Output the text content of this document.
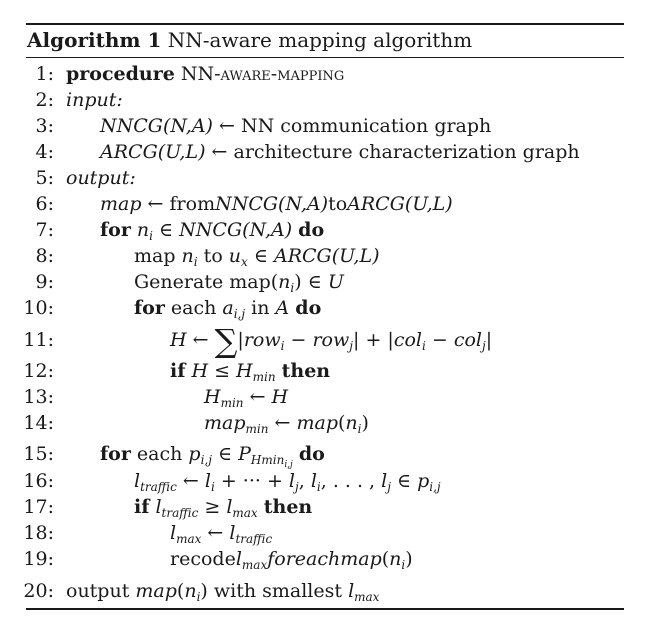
Algorithm 1 NN-aware mapping algorithm
1: procedure NN-aware-mapping
2: input:
3: NNCG(N,A) ← NN communication graph
4: ARCG(U,L) ← architecture characterization graph
5: output:
6: map ← fromNNCG(N,A)toARCG(U,L)
7: for $n_i$ ∈ NNCG(N,A) do
8:	map $n_i$ to $u_x$ ∈ ARCG(U,L)
9:	Generate $map(n_i)$ ∈ U
10:	for each $a_{i,j}$ in A do
11:	H ← ∑|row$_i$ − row$_j$| + |col$_i$ − col$_j$|
12:	if $H \le H_{min}$ then
13:	$H_{min}$ ← H
14:	map$_{min}$ ← $map(n_i)$
15: for each $p_{i,j}$ ∈ $P_{Hmin_{i,j}}$ do
16:	$l_{traffic}$ ← $l_i$ + ··· + $l_j$, $l_i$, . . . , $l_j$ ∈ $p_{i,j}$
17:	if $l_{traffic} \ge l_{max}$ then
18:	$l_{max}$ ← $l_{traffic}$
19:	$recodel_{max}foreachmap(n_i)$
20: output $map(n_i)$ with smallest $l_{max}$
